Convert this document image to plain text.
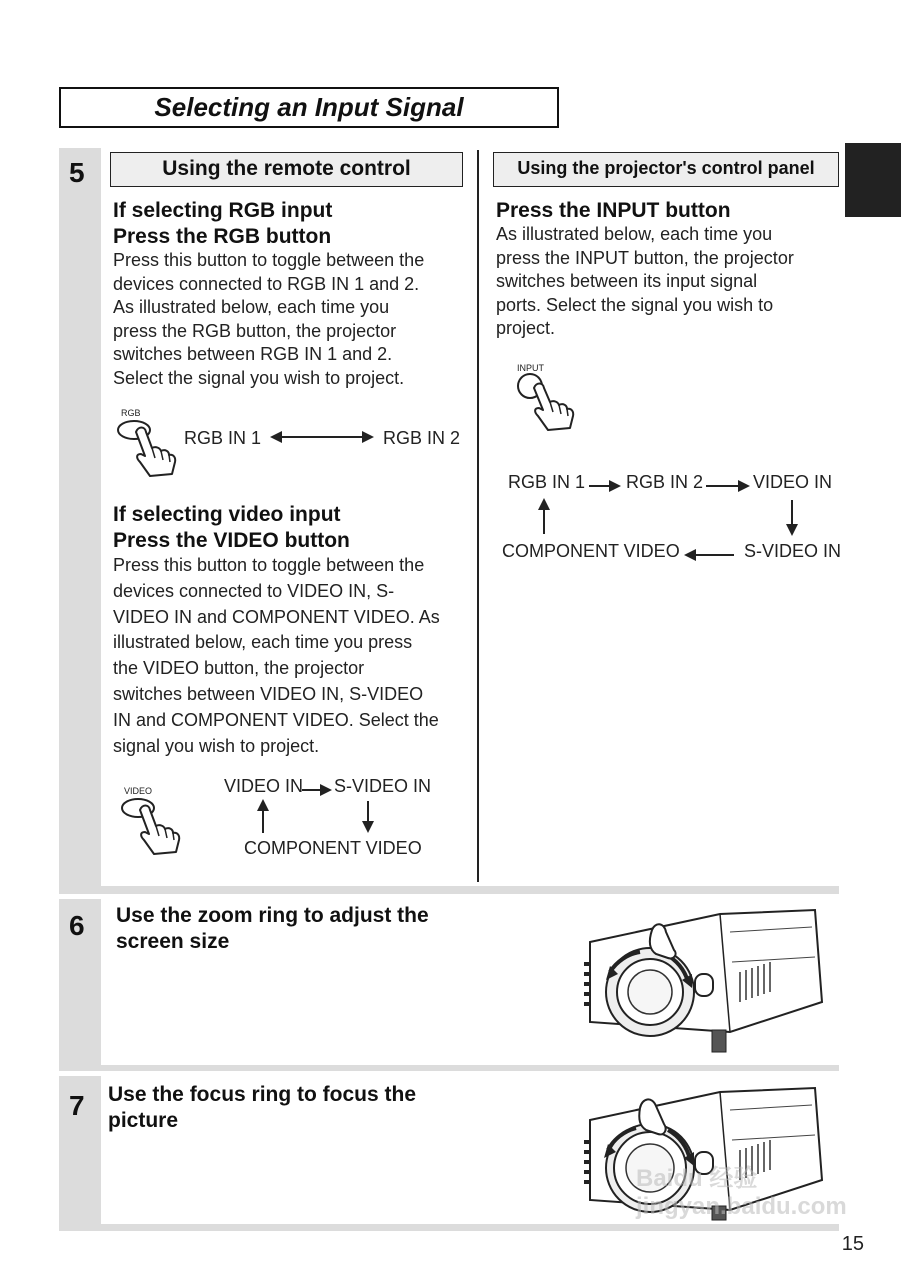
Selecting an Input Signal
5	Using the remote control	Using the projector's control panel
If selecting RGB input
Press the RGB button
Press this button to toggle between the
devices connected to RGB IN 1 and 2.
As illustrated below, each time you
press the RGB button, the projector
switches between RGB IN 1 and 2.
Select the signal you wish to project.
RGB
RGB IN 1	RGB IN 2
If selecting video input
Press the VIDEO button
Press this button to toggle between the
devices connected to VIDEO IN, S-
VIDEO IN and COMPONENT VIDEO. As
illustrated below, each time you press
the VIDEO button, the projector
switches between VIDEO IN, S-VIDEO
IN and COMPONENT VIDEO. Select the
signal you wish to project.
VIDEO	VIDEO IN S-VIDEO IN
COMPONENT VIDEO
Press the INPUT button
As illustrated below, each time you
press the INPUT button, the projector
switches between its input signal
ports. Select the signal you wish to
project.
INPUT
RGB IN 1 RGB IN 2	VIDEO IN
S-VIDEO IN
COMPONENT VIDEO
6 Use the zoom ring to adjust the
screen size
7 Use the focus ring to focus the
picture
Baidu 经验 jingyan.baidu.com
15
